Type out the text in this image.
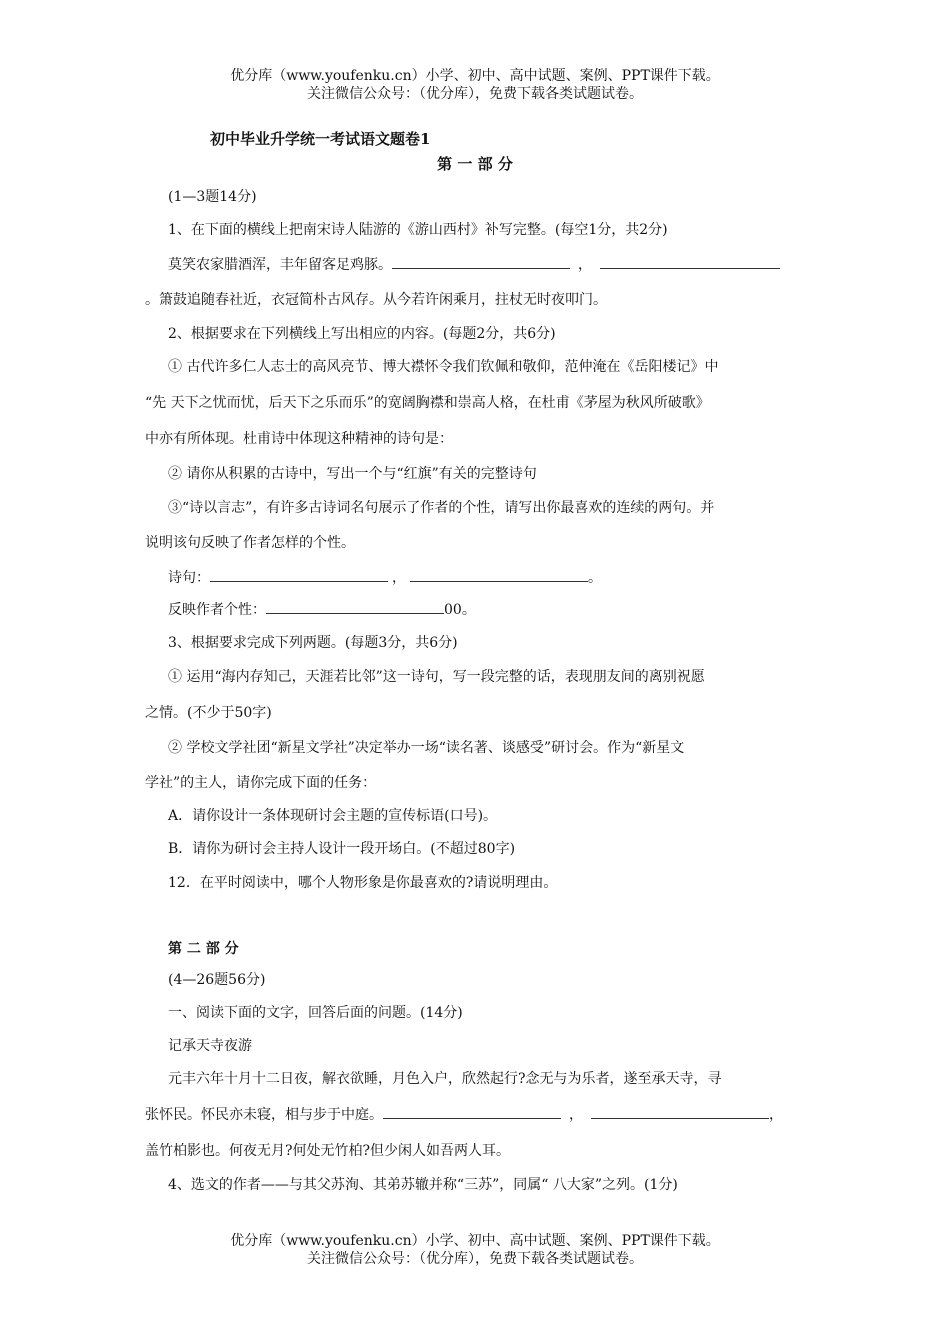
优分库（www.youfenku.cn）小学、初中、高中试题、案例、PPT课件下载。
关注微信公众号：（优分库），免费下载各类试题试卷。
初中毕业升学统一考试语文题卷1
第 一 部 分
(1—3题14分)
1、在下面的横线上把南宋诗人陆游的《游山西村》补写完整。(每空1分，共2分)
莫笑农家腊酒浑，丰年留客足鸡豚。	，
。箫鼓追随春社近，衣冠简朴古风存。从今若许闲乘月，拄杖无时夜叩门。
2、根据要求在下列横线上写出相应的内容。(每题2分，共6分)
① 古代许多仁人志士的高风亮节、博大襟怀令我们钦佩和敬仰，范仲淹在《岳阳楼记》中
“先 天下之忧而忧，后天下之乐而乐”的宽阔胸襟和崇高人格，在杜甫《茅屋为秋风所破歌》
中亦有所体现。杜甫诗中体现这种精神的诗句是：
② 请你从积累的古诗中，写出一个与“红旗”有关的完整诗句
③“诗以言志”，有许多古诗词名句展示了作者的个性，请写出你最喜欢的连续的两句。并
说明该句反映了作者怎样的个性。
诗句：	，	。
反映作者个性：	00。
3、根据要求完成下列两题。(每题3分，共6分)
① 运用“海内存知己，天涯若比邻”这一诗句，写一段完整的话，表现朋友间的离别祝愿
之情。(不少于50字)
② 学校文学社团“新星文学社”决定举办一场“读名著、谈感受”研讨会。作为“新星文
学社”的主人，请你完成下面的任务：
A．请你设计一条体现研讨会主题的宣传标语(口号)。
B．请你为研讨会主持人设计一段开场白。(不超过80字)
12．在平时阅读中，哪个人物形象是你最喜欢的?请说明理由。
第 二 部 分
(4—26题56分)
一、阅读下面的文字，回答后面的问题。(14分)
记承天寺夜游
元丰六年十月十二日夜，解衣欲睡，月色入户，欣然起行?念无与为乐者，遂至承天寺，寻
张怀民。怀民亦未寝，相与步于中庭。	，	，
盖竹柏影也。何夜无月?何处无竹柏?但少闲人如吾两人耳。
4、选文的作者——与其父苏洵、其弟苏辙并称“三苏”，同属“ 八大家”之列。(1分)
优分库（www.youfenku.cn）小学、初中、高中试题、案例、PPT课件下载。
关注微信公众号：（优分库），免费下载各类试题试卷。
